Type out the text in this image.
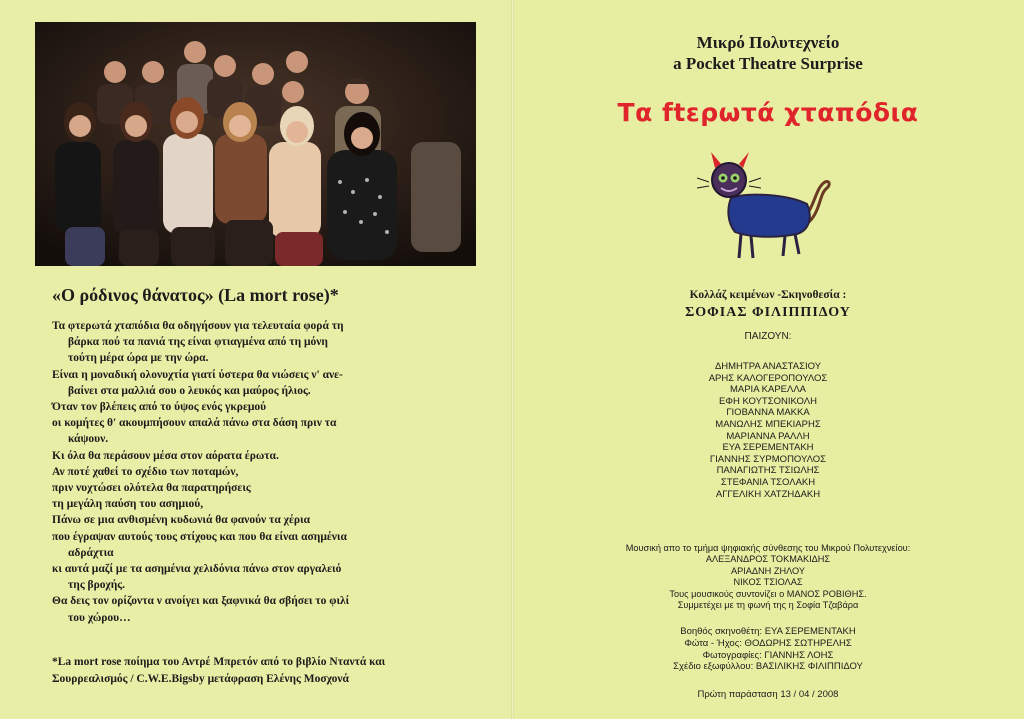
«Ο ρόδινος θάνατος» (La mort rose)*
Τα φτερωτά χταπόδια θα οδηγήσουν για τελευταία φορά τη
βάρκα πού τα πανιά της είναι φτιαγμένα από τη μόνη
τούτη μέρα ώρα με την ώρα.
Είναι η μοναδική ολονυχτία γιατί ύστερα θα νιώσεις ν' ανε-
βαίνει στα μαλλιά σου ο λευκός και μαύρος ήλιος.
Όταν τον βλέπεις από το ύψος ενός γκρεμού
οι κομήτες θ' ακουμπήσουν απαλά πάνω στα δάση πριν τα
κάψουν.
Κι όλα θα περάσουν μέσα στον αόρατα έρωτα.
Αν ποτέ χαθεί το σχέδιο των ποταμών,
πριν νυχτώσει ολότελα θα παρατηρήσεις
τη μεγάλη παύση του ασημιού,
Πάνω σε μια ανθισμένη κυδωνιά θα φανούν τα χέρια
που έγραψαν αυτούς τους στίχους και που θα είναι ασημένια
αδράχτια
κι αυτά μαζί με τα ασημένια χελιδόνια πάνω στον αργαλειό
της βροχής.
Θα δεις τον ορίζοντα ν ανοίγει και ξαφνικά θα σβήσει το φιλί
του χώρου…
*La mort rose ποίημα του Αντρέ Μπρετόν από το βιβλίο Νταντά και
Σουρρεαλισμός / C.W.E.Bigsby μετάφραση Ελένης Μοσχονά
Μικρό Πολυτεχνείο
a Pocket Theatre Surprise
Τα ftερωτά χταπόδια
Κολλάζ κειμένων -Σκηνοθεσία :
ΣΟΦΙΑΣ ΦΙΛΙΠΠΙΔΟΥ
ΠΑΙΖΟΥΝ:
ΔΗΜΗΤΡΑ ΑΝΑΣΤΑΣΙΟΥ
ΑΡΗΣ ΚΑΛΟΓΕΡΟΠΟΥΛΟΣ
ΜΑΡΙΑ ΚΑΡΕΛΛΑ
ΕΦΗ ΚΟΥΤΣΟΝΙΚΟΛΗ
ΓΙΟΒΑΝΝΑ ΜΑΚΚΑ
ΜΑΝΩΛΗΣ ΜΠΕΚΙΑΡΗΣ
ΜΑΡΙΑΝΝΑ ΡΑΛΛΗ
ΕΥΑ ΣΕΡΕΜΕΝΤΑΚΗ
ΓΙΑΝΝΗΣ ΣΥΡΜΟΠΟΥΛΟΣ
ΠΑΝΑΓΙΩΤΗΣ ΤΣΙΩΛΗΣ
ΣΤΕΦΑΝΙΑ ΤΣΟΛΑΚΗ
ΑΓΓΕΛΙΚΗ ΧΑΤΖΗΔΑΚΗ
Μουσική απο το τμήμα ψηφιακής σύνθεσης του Μικρού Πολυτεχνείου:
ΑΛΕΞΑΝΔΡΟΣ ΤΟΚΜΑΚΙΔΗΣ
ΑΡΙΑΔΝΗ ΖΗΛΟΥ
ΝΙΚΟΣ ΤΣΙΟΛΑΣ
Τους μουσικούς συντονίζει ο ΜΑΝΟΣ ΡΟΒΙΘΗΣ.
Συμμετέχει με τη φωνή της η Σοφία Τζαβάρα
Βοηθός σκηνοθέτη: ΕΥΑ ΣΕΡΕΜΕΝΤΑΚΗ
Φώτα - Ήχος: ΘΟΔΩΡΗΣ ΣΩΤΗΡΕΛΗΣ
Φωτογραφίες: ΓΙΑΝΝΗΣ ΛΟΗΣ
Σχέδιο εξωφύλλου: ΒΑΣΙΛΙΚΗΣ ΦΙΛΙΠΠΙΔΟΥ
Πρώτη παράσταση 13 / 04 / 2008
